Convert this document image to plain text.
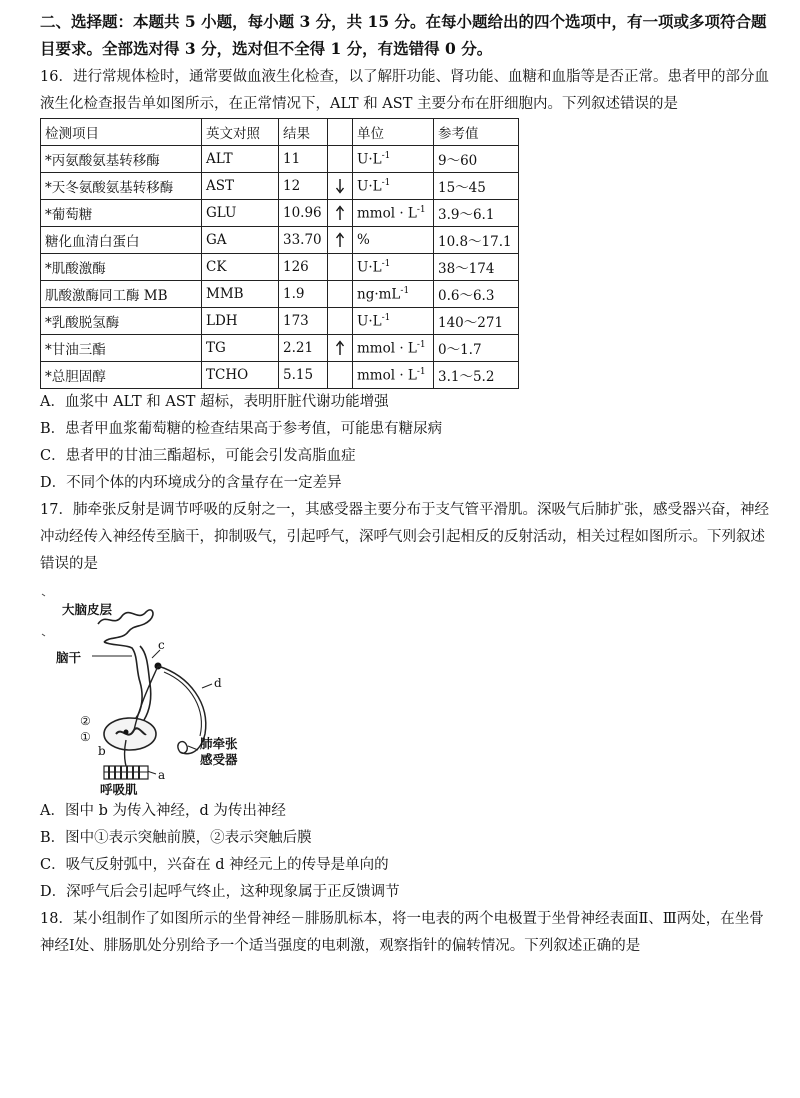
二、选择题：本题共 5 小题，每小题 3 分，共 15 分。在每小题给出的四个选项中，有一项或多项符合题目要求。全部选对得 3 分，选对但不全得 1 分，有选错得 0 分。

16．进行常规体检时，通常要做血液生化检查，以了解肝功能、肾功能、血糖和血脂等是否正常。患者甲的部分血液生化检查报告单如图所示，在正常情况下，ALT 和 AST 主要分布在肝细胞内。下列叙述错误的是

检测项目	英文对照	结果		单位	参考值
*丙氨酸氨基转移酶	ALT	11		$U\cdot L^{-1}$	9～60
*天冬氨酸氨基转移酶	AST	12		$U\cdot L^{-1}$	15～45
*葡萄糖	GLU	10.96		mmol · $L^{-1}$	3.9～6.1
糖化血清白蛋白	GA	33.70		%	10.8～17.1
*肌酸激酶	CK	126		$U\cdot L^{-1}$	38～174
肌酸激酶同工酶 MB	MMB	1.9		$ng\cdot mL^{-1}$	0.6～6.3
*乳酸脱氢酶	LDH	173		$U\cdot L^{-1}$	140～271
*甘油三酯	TG	2.21		mmol · $L^{-1}$	0～1.7
*总胆固醇	TCHO	5.15		mmol · $L^{-1}$	3.1～5.2

A．血浆中 ALT 和 AST 超标，表明肝脏代谢功能增强

B．患者甲血浆葡萄糖的检查结果高于参考值，可能患有糖尿病

C．患者甲的甘油三酯超标，可能会引发高脂血症

D．不同个体的内环境成分的含量存在一定差异

17．肺牵张反射是调节呼吸的反射之一，其感受器主要分布于支气管平滑肌。深吸气后肺扩张，感受器兴奋，神经冲动经传入神经传至脑干，抑制吸气，引起呼气，深呼气则会引起相反的反射活动，相关过程如图所示。下列叙述错误的是

大脑皮层
脑干
c
d
②
①
b
a
肺牵张
感受器
呼吸肌

A．图中 b 为传入神经，d 为传出神经

B．图中①表示突触前膜，②表示突触后膜

C．吸气反射弧中，兴奋在 d 神经元上的传导是单向的

D．深呼气后会引起呼气终止，这种现象属于正反馈调节

18．某小组制作了如图所示的坐骨神经－腓肠肌标本，将一电表的两个电极置于坐骨神经表面Ⅱ、Ⅲ两处，在坐骨神经Ⅰ处、腓肠肌处分别给予一个适当强度的电刺激，观察指针的偏转情况。下列叙述正确的是
